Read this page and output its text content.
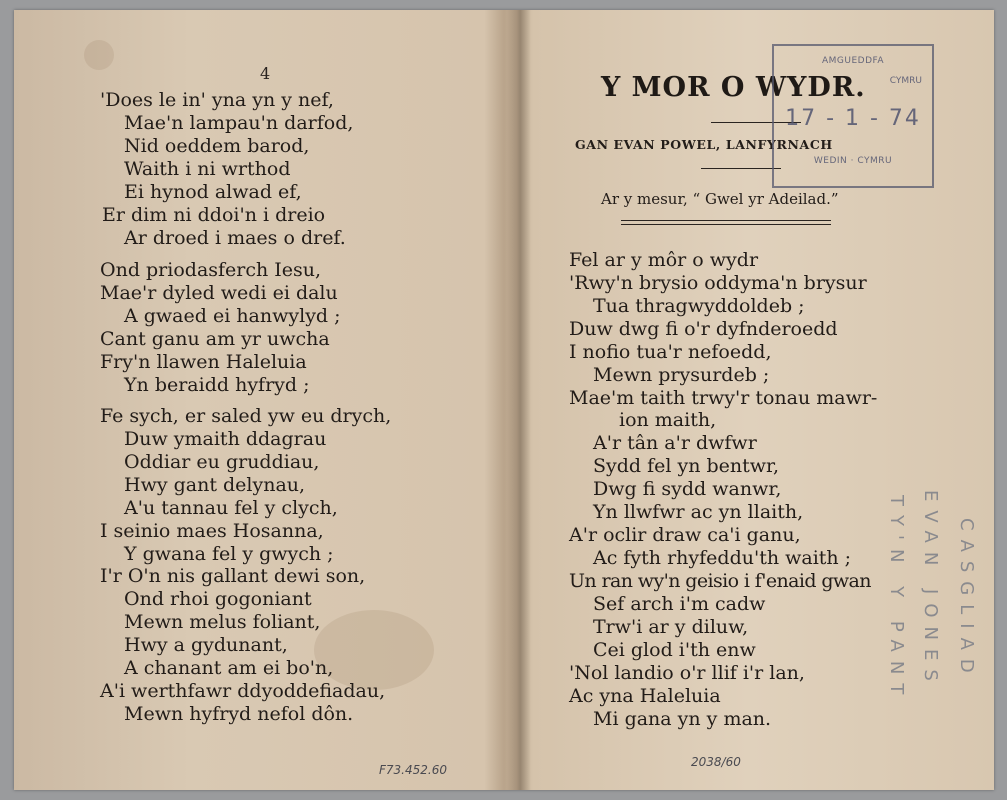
4
'Does le in' yna yn y nef,
Mae'n lampau'n darfod,
Nid oeddem barod,
Waith i ni wrthod
Ei hynod alwad ef,
Er dim ni ddoi'n i dreio
Ar droed i maes o dref.
Ond priodasferch Iesu,
Mae'r dyled wedi ei dalu
A gwaed ei hanwylyd ;
Cant ganu am yr uwcha
Fry'n llawen Haleluia
Yn beraidd hyfryd ;
Fe sych, er saled yw eu drych,
Duw ymaith ddagrau
Oddiar eu gruddiau,
Hwy gant delynau,
A'u tannau fel y clych,
I seinio maes Hosanna,
Y gwana fel y gwych ;
I'r O'n nis gallant dewi son,
Ond rhoi gogoniant
Mewn melus foliant,
Hwy a gydunant,
A chanant am ei bo'n,
A'i werthfawr ddyoddefiadau,
Mewn hyfryd nefol dôn.
F73.452.60
Y MOR O WYDR.
GAN EVAN POWEL, LANFYRNACH
Ar y mesur, “ Gwel yr Adeilad.”
Fel ar y môr o wydr
'Rwy'n brysio oddyma'n brysur
Tua thragwyddoldeb ;
Duw dwg fi o'r dyfnderoedd
I nofio tua'r nefoedd,
Mewn prysurdeb ;
Mae'm taith trwy'r tonau mawr-
ion maith,
A'r tân a'r dwfwr
Sydd fel yn bentwr,
Dwg fi sydd wanwr,
Yn llwfwr ac yn llaith,
A'r oclir draw ca'i ganu,
Ac fyth rhyfeddu'th waith ;
Un ran wy'n geisio i f'enaid gwan
Sef arch i'm cadw
Trw'i ar y diluw,
Cei glod i'th enw
'Nol landio o'r llif i'r lan,
Ac yna Haleluia
Mi gana yn y man.
2038/60
AMGUEDDFA
CYMRU
17 - 1 - 74
WEDIN · CYMRU
TY'N Y PANT EVAN JONES CASGLIAD
